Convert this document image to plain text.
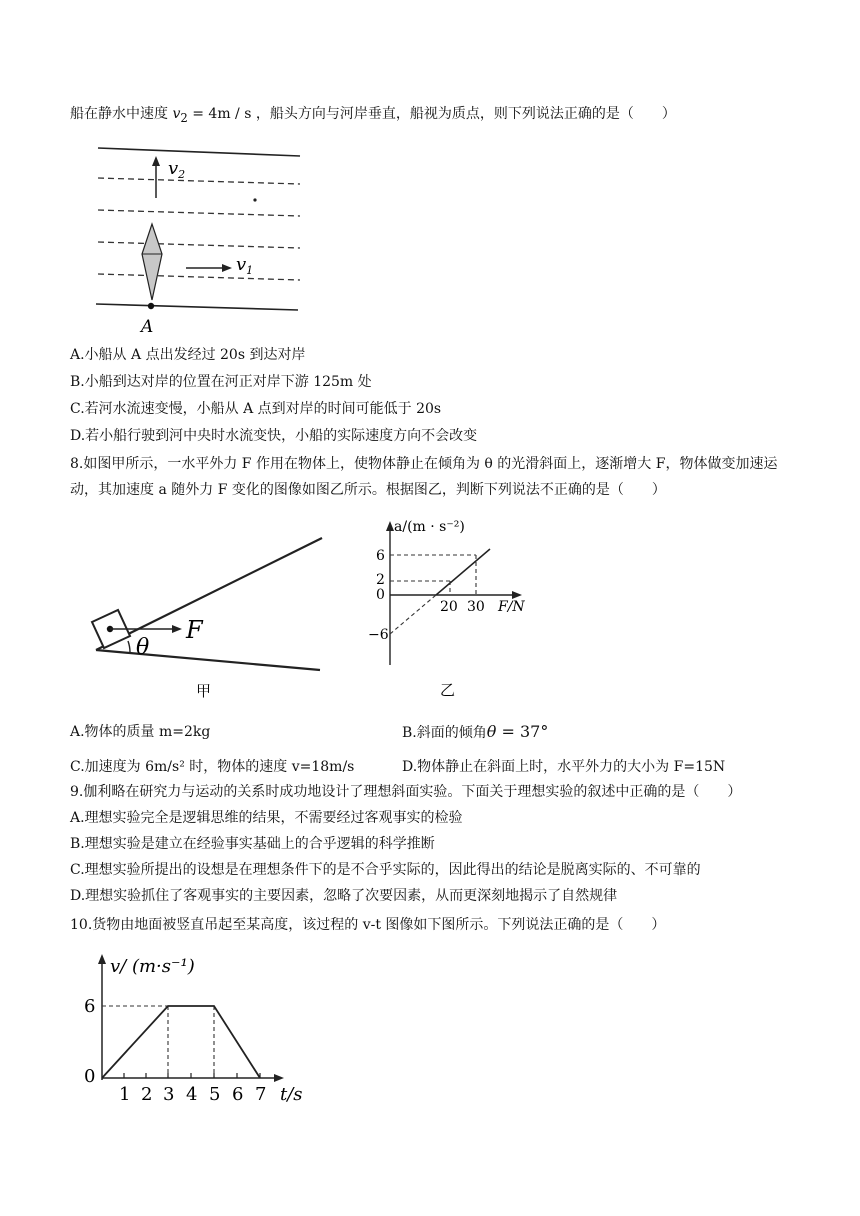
船在静水中速度 $v_2 = 4m / s$ ，船头方向与河岸垂直，船视为质点，则下列说法正确的是（　　）
$v_2$
$v_1$
A
A.小船从 A 点出发经过 20s 到达对岸
B.小船到达对岸的位置在河正对岸下游 125m 处
C.若河水流速变慢，小船从 A 点到对岸的时间可能低于 20s
D.若小船行驶到河中央时水流变快，小船的实际速度方向不会改变
8.如图甲所示，一水平外力 F 作用在物体上，使物体静止在倾角为 θ 的光滑斜面上，逐渐增大 F，物体做变加速运动，其加速度 a 随外力 F 变化的图像如图乙所示。根据图乙，判断下列说法不正确的是（　　）
θ
F
甲
a/(m · s⁻²)
F/N
6
2
0
−6
20 30
乙
A.物体的质量 m=2kg	B.斜面的倾角θ = 37°
C.加速度为 6m/s² 时，物体的速度 v=18m/s	D.物体静止在斜面上时，水平外力的大小为 F=15N
9.伽利略在研究力与运动的关系时成功地设计了理想斜面实验。下面关于理想实验的叙述中正确的是（　　）
A.理想实验完全是逻辑思维的结果，不需要经过客观事实的检验
B.理想实验是建立在经验事实基础上的合乎逻辑的科学推断
C.理想实验所提出的设想是在理想条件下的是不合乎实际的，因此得出的结论是脱离实际的、不可靠的
D.理想实验抓住了客观事实的主要因素，忽略了次要因素，从而更深刻地揭示了自然规律
10.货物由地面被竖直吊起至某高度，该过程的 v-t 图像如下图所示。下列说法正确的是（　　）
v/ (m·s⁻¹)
t/s
6
0
1 2 3 4 5 6 7
